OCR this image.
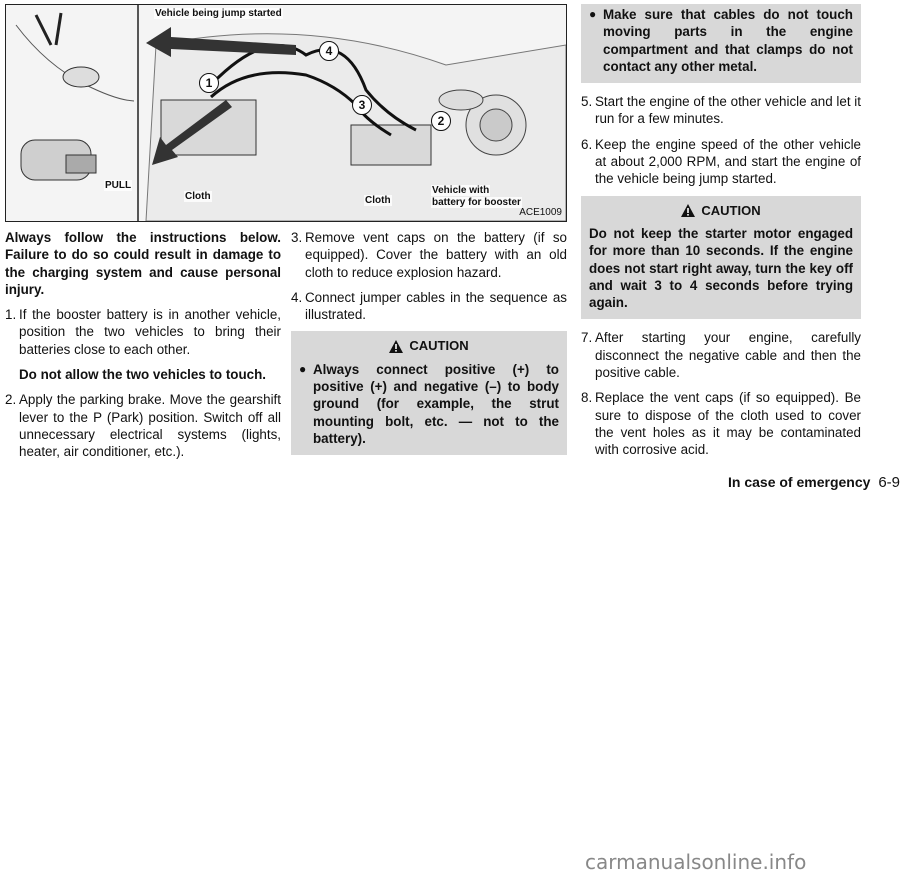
Vehicle being jump started
PULL
Cloth	Cloth
Vehicle with
battery for booster
1
2
3
4
ACE1009

Always follow the instructions below. Failure to do so could result in damage to the charging system and cause personal injury.

1. If the booster battery is in another vehicle, position the two vehicles to bring their batteries close to each other.

Do not allow the two vehicles to touch.

2. Apply the parking brake. Move the gearshift lever to the P (Park) position. Switch off all unnecessary electrical systems (lights, heater, air conditioner, etc.).
3. Remove vent caps on the battery (if so equipped). Cover the battery with an old cloth to reduce explosion hazard.
4. Connect jumper cables in the sequence as illustrated.
CAUTION
● Always connect positive (+) to positive (+) and negative (–) to body ground (for example, the strut mounting bolt, etc. — not to the battery).
● Make sure that cables do not touch moving parts in the engine compartment and that clamps do not contact any other metal.
5. Start the engine of the other vehicle and let it run for a few minutes.
6. Keep the engine speed of the other vehicle at about 2,000 RPM, and start the engine of the vehicle being jump started.
CAUTION
Do not keep the starter motor engaged for more than 10 seconds. If the engine does not start right away, turn the key off and wait 3 to 4 seconds before trying again.
7. After starting your engine, carefully disconnect the negative cable and then the positive cable.
8. Replace the vent caps (if so equipped). Be sure to dispose of the cloth used to cover the vent holes as it may be contaminated with corrosive acid.
In case of emergency 6-9
carmanualsonline.info
